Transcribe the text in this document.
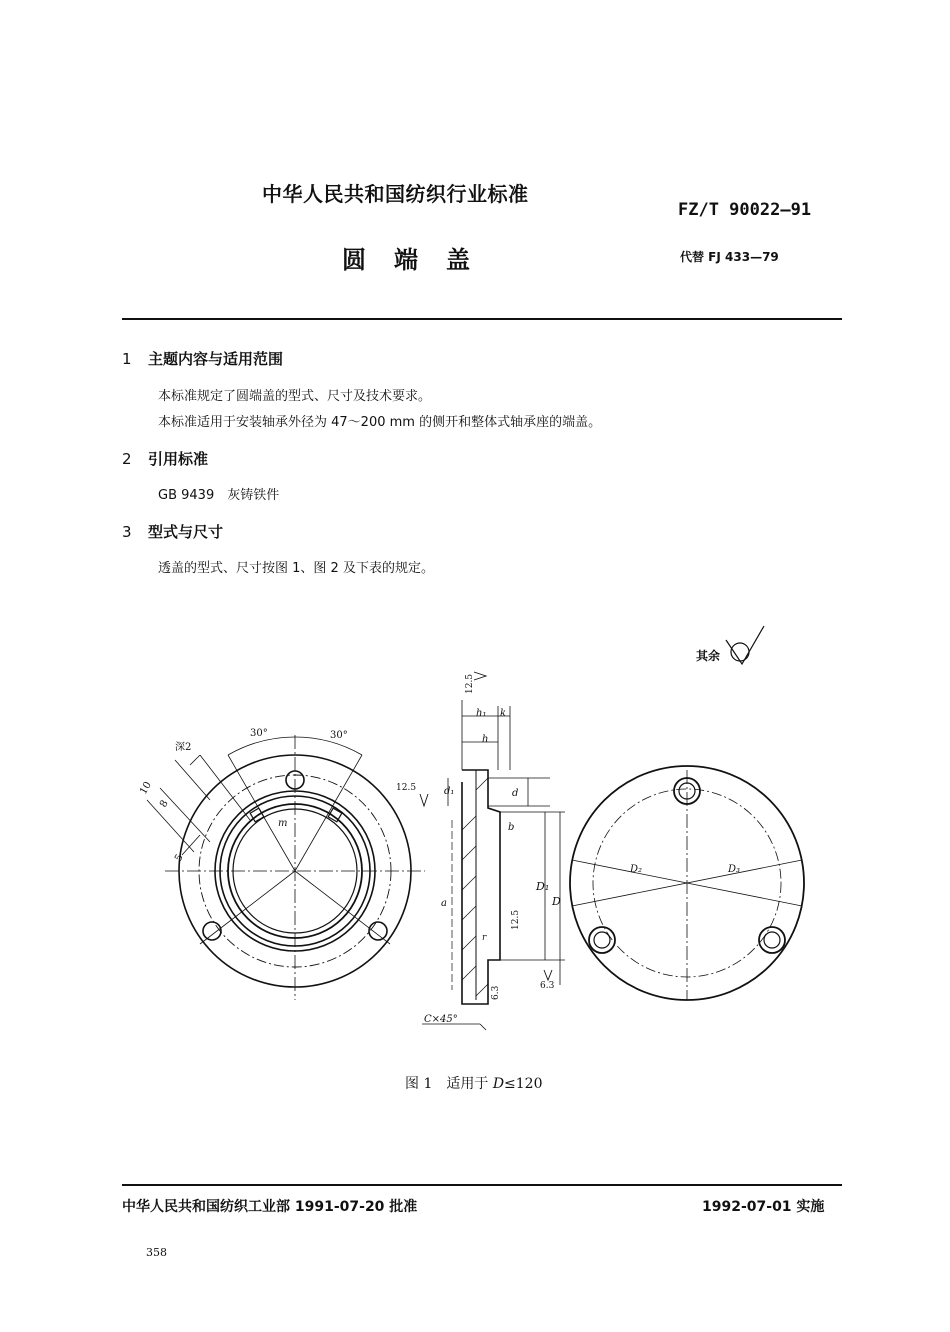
中华人民共和国纺织行业标准
FZ/T 90022—91
圆端盖	代替 FJ 433—79
1 主题内容与适用范围
本标准规定了圆端盖的型式、尺寸及技术要求。
本标准适用于安装轴承外径为 47～200 mm 的侧开和整体式轴承座的端盖。
2 引用标准
GB 9439　灰铸铁件
3 型式与尺寸
透盖的型式、尺寸按图 1、图 2 及下表的规定。
其余
深2
30°	30°
10
8
5
m
12.5
12.5
12.5
6.3	6.3
h₁ k
h
d₁	d
b
a
D₁
D
r
C×45°
D₂	D₃
图 1　适用于 D≤120
中华人民共和国纺织工业部 1991-07-20 批准	1992-07-01 实施
358
